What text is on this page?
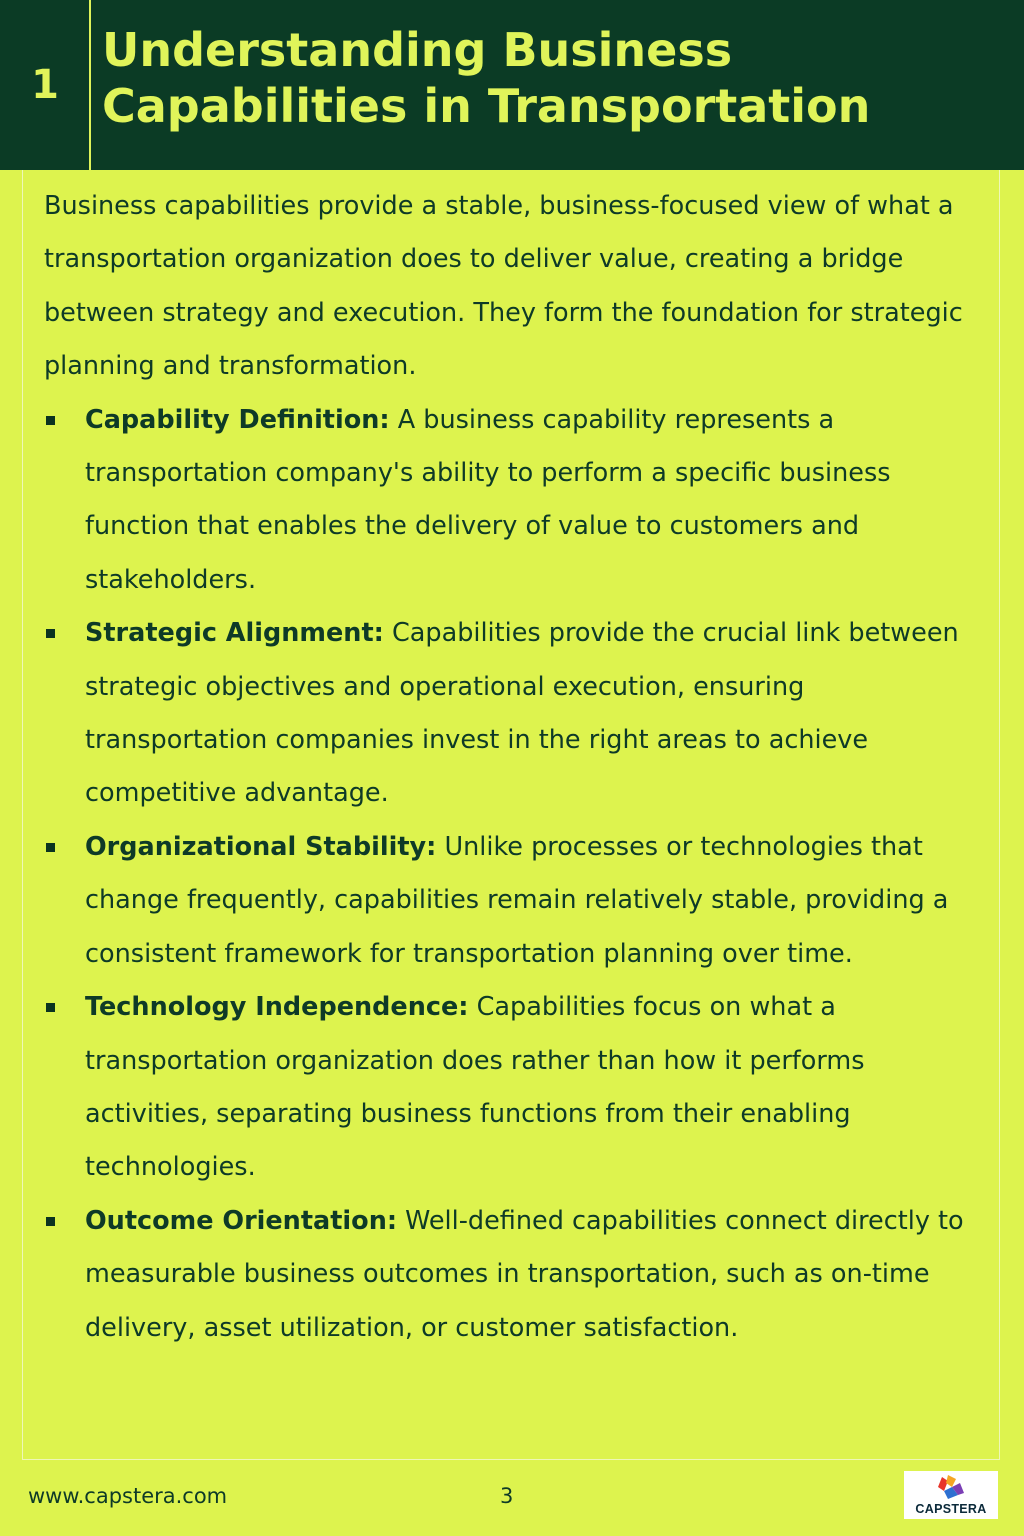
1
Understanding Business Capabilities in Transportation

Business capabilities provide a stable, business-focused view of what a transportation organization does to deliver value, creating a bridge between strategy and execution. They form the foundation for strategic planning and transformation.

Capability Definition: A business capability represents a transportation company's ability to perform a specific business function that enables the delivery of value to customers and stakeholders.
Strategic Alignment: Capabilities provide the crucial link between strategic objectives and operational execution, ensuring transportation companies invest in the right areas to achieve competitive advantage.
Organizational Stability: Unlike processes or technologies that change frequently, capabilities remain relatively stable, providing a consistent framework for transportation planning over time.
Technology Independence: Capabilities focus on what a transportation organization does rather than how it performs activities, separating business functions from their enabling technologies.
Outcome Orientation: Well-defined capabilities connect directly to measurable business outcomes in transportation, such as on-time delivery, asset utilization, or customer satisfaction.
www.capstera.com	3
CAPSTERA
